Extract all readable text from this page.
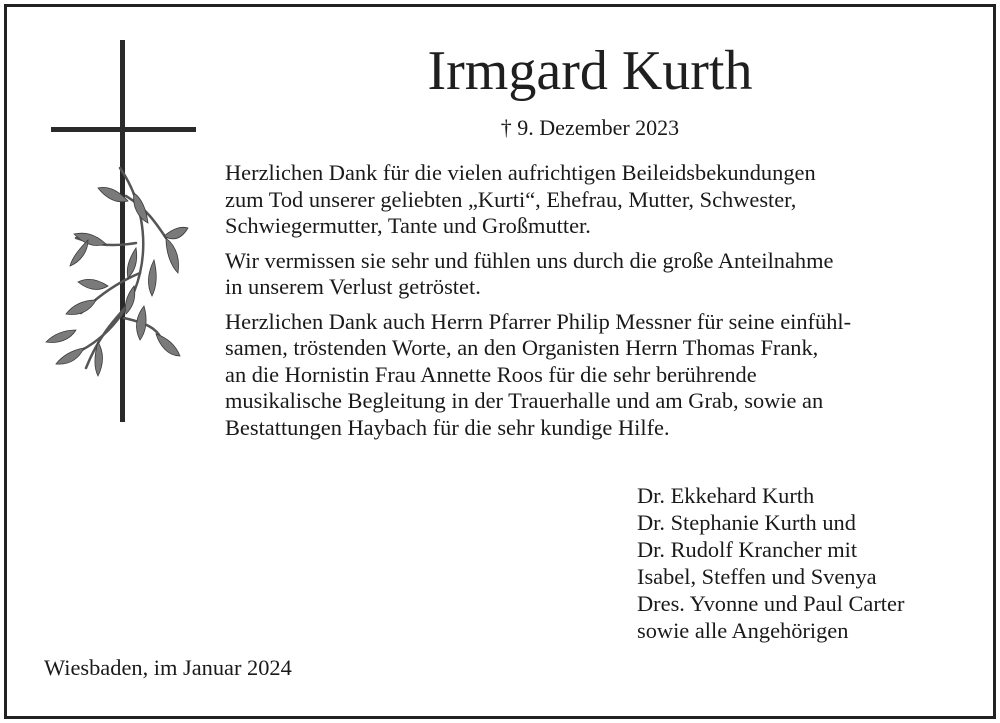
Irmgard Kurth
† 9. Dezember 2023

Herzlichen Dank für die vielen aufrichtigen Beileidsbekundungen
zum Tod unserer geliebten „Kurti“, Ehefrau, Mutter, Schwester,
Schwiegermutter, Tante und Großmutter.

Wir vermissen sie sehr und fühlen uns durch die große Anteilnahme
in unserem Verlust getröstet.

Herzlichen Dank auch Herrn Pfarrer Philip Messner für seine einfühl-
samen, tröstenden Worte, an den Organisten Herrn Thomas Frank,
an die Hornistin Frau Annette Roos für die sehr berührende
musikalische Begleitung in der Trauerhalle und am Grab, sowie an
Bestattungen Haybach für die sehr kundige Hilfe.

Dr. Ekkehard Kurth
Dr. Stephanie Kurth und
Dr. Rudolf Krancher mit
Isabel, Steffen und Svenya
Dres. Yvonne und Paul Carter
sowie alle Angehörigen
Wiesbaden, im Januar 2024
